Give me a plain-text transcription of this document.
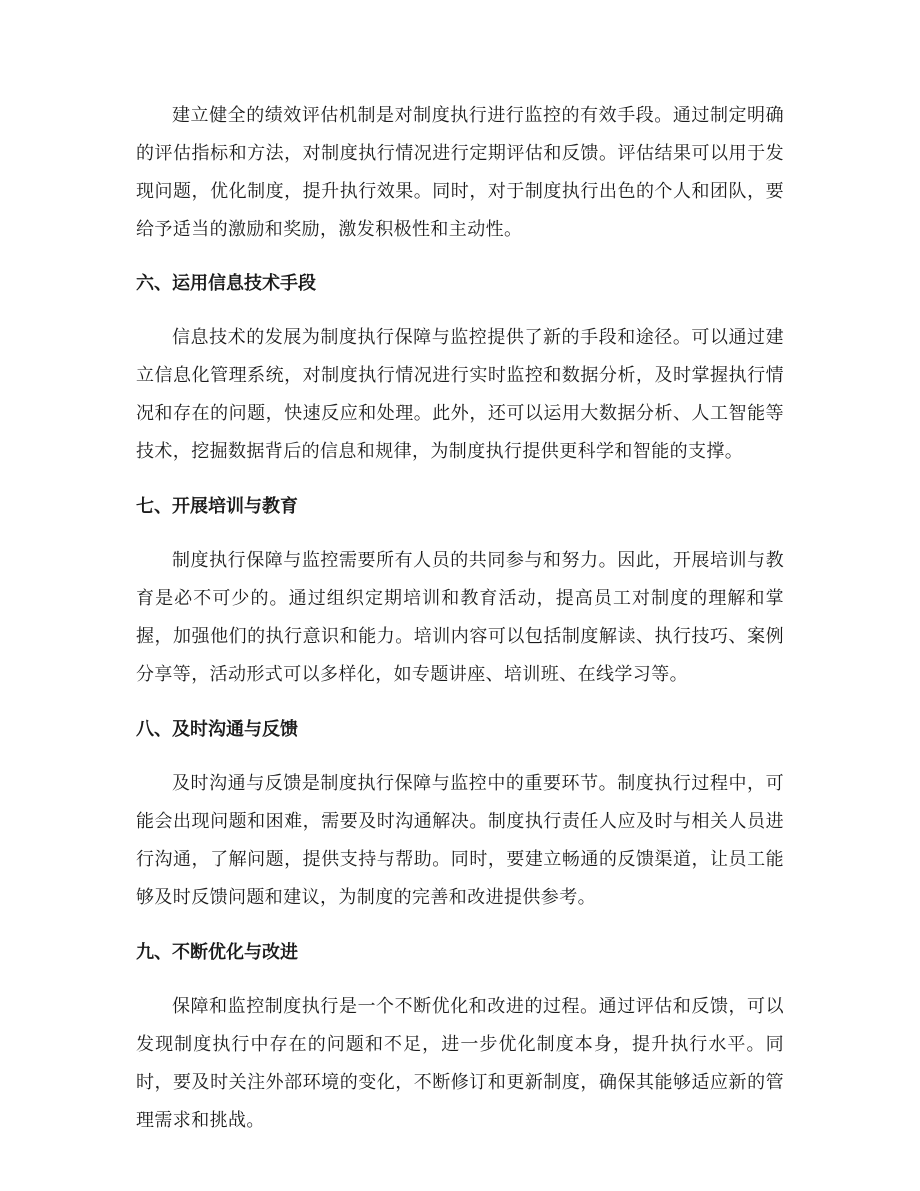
建立健全的绩效评估机制是对制度执行进行监控的有效手段。通过制定明确的评估指标和方法，对制度执行情况进行定期评估和反馈。评估结果可以用于发现问题，优化制度，提升执行效果。同时，对于制度执行出色的个人和团队，要给予适当的激励和奖励，激发积极性和主动性。

六、运用信息技术手段

信息技术的发展为制度执行保障与监控提供了新的手段和途径。可以通过建立信息化管理系统，对制度执行情况进行实时监控和数据分析，及时掌握执行情况和存在的问题，快速反应和处理。此外，还可以运用大数据分析、人工智能等技术，挖掘数据背后的信息和规律，为制度执行提供更科学和智能的支撑。

七、开展培训与教育

制度执行保障与监控需要所有人员的共同参与和努力。因此，开展培训与教育是必不可少的。通过组织定期培训和教育活动，提高员工对制度的理解和掌握，加强他们的执行意识和能力。培训内容可以包括制度解读、执行技巧、案例分享等，活动形式可以多样化，如专题讲座、培训班、在线学习等。

八、及时沟通与反馈

及时沟通与反馈是制度执行保障与监控中的重要环节。制度执行过程中，可能会出现问题和困难，需要及时沟通解决。制度执行责任人应及时与相关人员进行沟通，了解问题，提供支持与帮助。同时，要建立畅通的反馈渠道，让员工能够及时反馈问题和建议，为制度的完善和改进提供参考。

九、不断优化与改进

保障和监控制度执行是一个不断优化和改进的过程。通过评估和反馈，可以发现制度执行中存在的问题和不足，进一步优化制度本身，提升执行水平。同时，要及时关注外部环境的变化，不断修订和更新制度，确保其能够适应新的管理需求和挑战。
